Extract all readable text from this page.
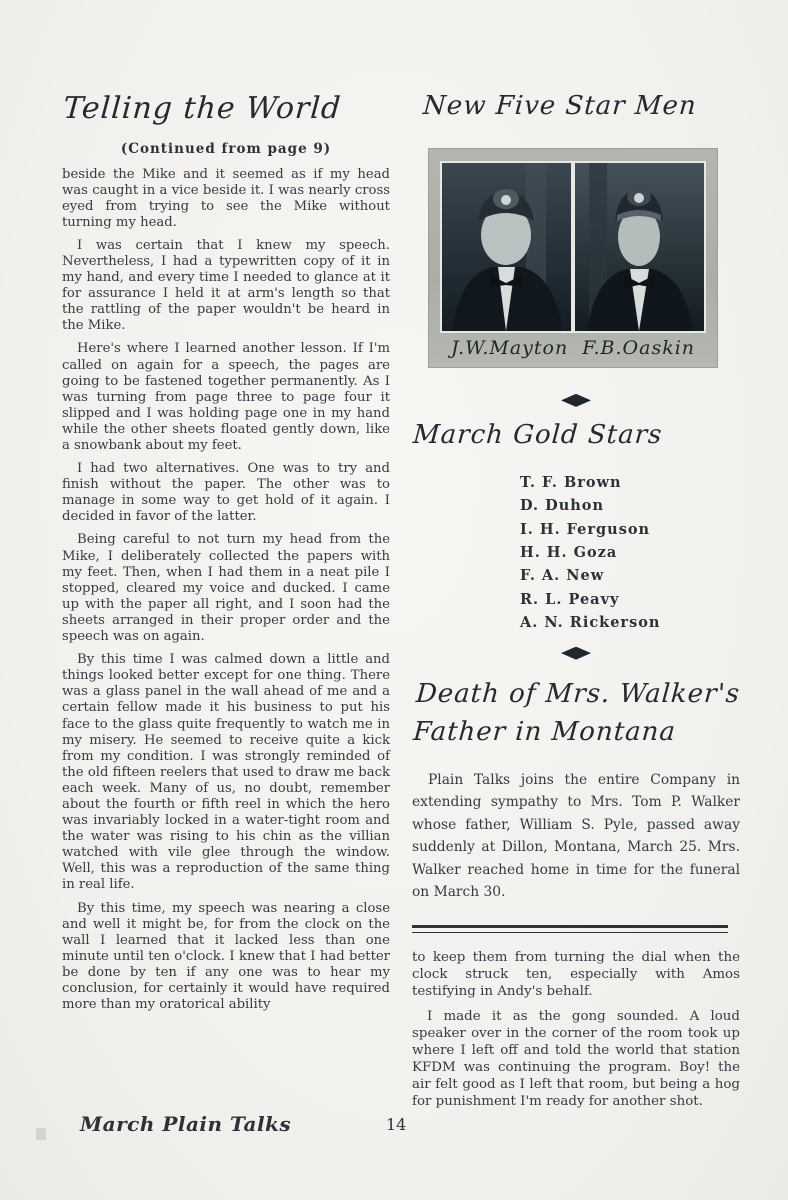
Telling the World
(Continued from page 9)

beside the Mike and it seemed as if my head was caught in a vice beside it. I was nearly cross eyed from trying to see the Mike without turning my head.

I was certain that I knew my speech. Nevertheless, I had a typewritten copy of it in my hand, and every time I needed to glance at it for assurance I held it at arm's length so that the rattling of the paper wouldn't be heard in the Mike.

Here's where I learned another lesson. If I'm called on again for a speech, the pages are going to be fastened together permanently. As I was turning from page three to page four it slipped and I was holding page one in my hand while the other sheets floated gently down, like a snowbank about my feet.

I had two alternatives. One was to try and finish without the paper. The other was to manage in some way to get hold of it again. I decided in favor of the latter.

Being careful to not turn my head from the Mike, I deliberately collected the papers with my feet. Then, when I had them in a neat pile I stopped, cleared my voice and ducked. I came up with the paper all right, and I soon had the sheets arranged in their proper order and the speech was on again.

By this time I was calmed down a little and things looked better except for one thing. There was a glass panel in the wall ahead of me and a certain fellow made it his business to put his face to the glass quite frequently to watch me in my misery. He seemed to receive quite a kick from my condition. I was strongly reminded of the old fifteen reelers that used to draw me back each week. Many of us, no doubt, remember about the fourth or fifth reel in which the hero was invariably locked in a water-tight room and the water was rising to his chin as the villian watched with vile glee through the window. Well, this was a reproduction of the same thing in real life.

By this time, my speech was nearing a close and well it might be, for from the clock on the wall I learned that it lacked less than one minute until ten o'clock. I knew that I had better be done by ten if any one was to hear my conclusion, for certainly it would have required more than my oratorical ability

New Five Star Men
J.W.Mayton  F.B.Oaskin
March Gold Stars
T. F. Brown
D. Duhon
I. H. Ferguson
H. H. Goza
F. A. New
R. L. Peavy
A. N. Rickerson
Death of Mrs. Walker's
Father in Montana

Plain Talks joins the entire Company in extending sympathy to Mrs. Tom P. Walker whose father, William S. Pyle, passed away suddenly at Dillon, Montana, March 25. Mrs. Walker reached home in time for the funeral on March 30.

to keep them from turning the dial when the clock struck ten, especially with Amos testifying in Andy's behalf.

I made it as the gong sounded. A loud speaker over in the corner of the room took up where I left off and told the world that station KFDM was continuing the program. Boy! the air felt good as I left that room, but being a hog for punishment I'm ready for another shot.

March Plain Talks	14
